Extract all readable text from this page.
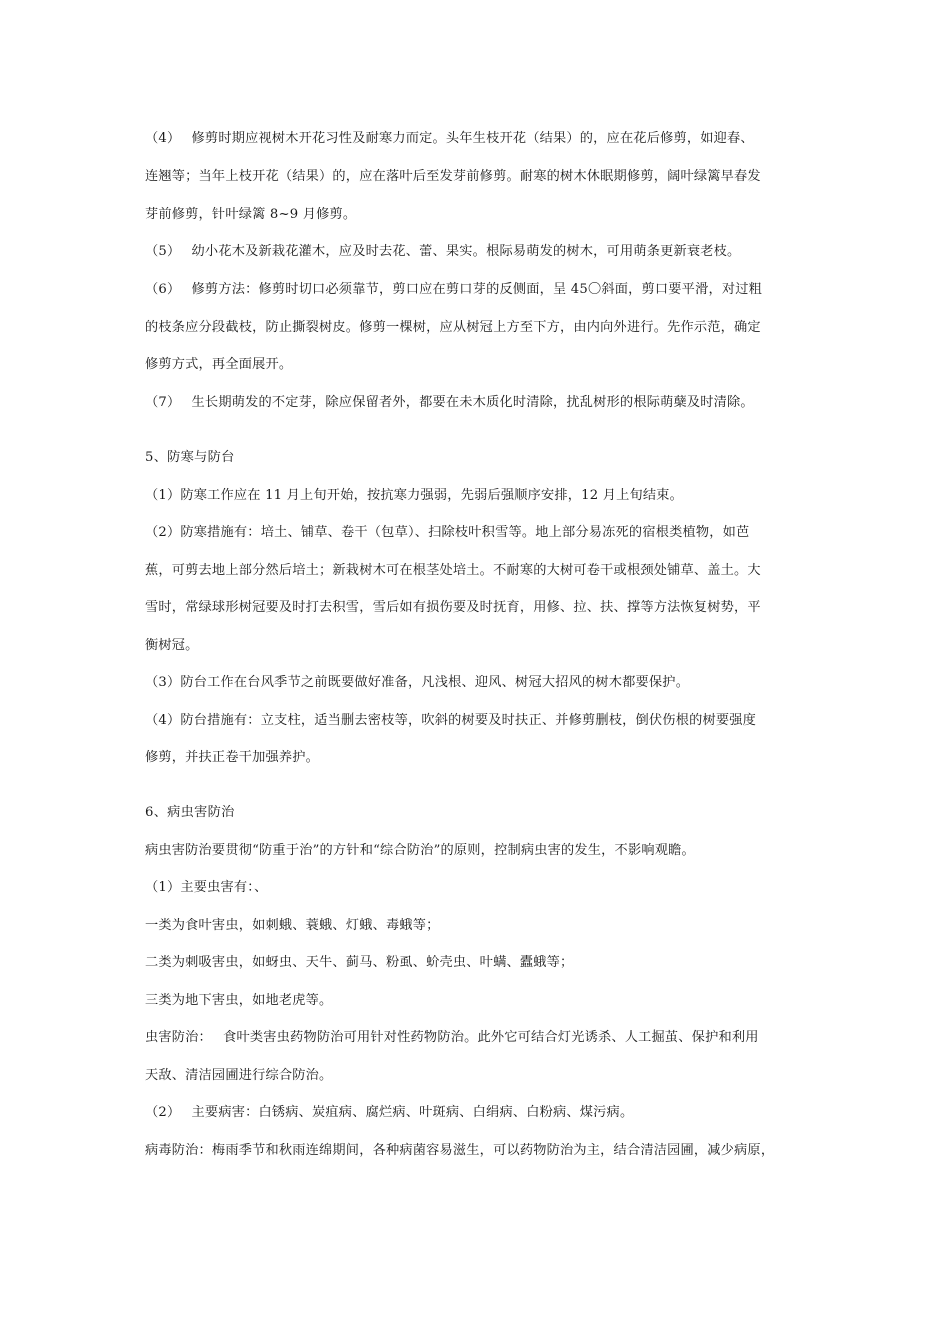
（4）　 修剪时期应视树木开花习性及耐寒力而定。头年生枝开花（结果）的，应在花后修剪，如迎春、
连翘等；当年上枝开花（结果）的，应在落叶后至发芽前修剪。耐寒的树木休眠期修剪，阔叶绿篱早春发
芽前修剪，针叶绿篱 8~9 月修剪。
（5）　 幼小花木及新栽花灌木，应及时去花、蕾、果实。根际易萌发的树木，可用萌条更新衰老枝。
（6）　 修剪方法：修剪时切口必须靠节，剪口应在剪口芽的反侧面，呈 45〇斜面，剪口要平滑，对过粗
的枝条应分段截枝，防止撕裂树皮。修剪一棵树，应从树冠上方至下方，由内向外进行。先作示范，确定
修剪方式，再全面展开。
（7）　 生长期萌发的不定芽，除应保留者外，都要在未木质化时清除，扰乱树形的根际萌蘖及时清除。
5、防寒与防台
（1）防寒工作应在 11 月上旬开始，按抗寒力强弱，先弱后强顺序安排，12 月上旬结束。
（2）防寒措施有：培土、铺草、卷干（包草）、扫除枝叶积雪等。地上部分易冻死的宿根类植物，如芭
蕉，可剪去地上部分然后培土；新栽树木可在根茎处培土。不耐寒的大树可卷干或根颈处铺草、盖土。大
雪时，常绿球形树冠要及时打去积雪，雪后如有损伤要及时抚育，用修、拉、扶、撑等方法恢复树势，平
衡树冠。
（3）防台工作在台风季节之前既要做好准备，凡浅根、迎风、树冠大招风的树木都要保护。
（4）防台措施有：立支柱，适当删去密枝等，吹斜的树要及时扶正、并修剪删枝，倒伏伤根的树要强度
修剪，并扶正卷干加强养护。
6、病虫害防治
病虫害防治要贯彻“防重于治”的方针和“综合防治”的原则，控制病虫害的发生，不影响观瞻。
（1）主要虫害有：、
一类为食叶害虫，如刺蛾、蓑蛾、灯蛾、毒蛾等；
二类为刺吸害虫，如蚜虫、天牛、蓟马、粉虱、蚧壳虫、叶螨、蠹蛾等；
三类为地下害虫，如地老虎等。
虫害防治：　 食叶类害虫药物防治可用针对性药物防治。此外它可结合灯光诱杀、人工掘茧、保护和利用
天敌、清洁园圃进行综合防治。
（2）　 主要病害：白锈病、炭疽病、腐烂病、叶斑病、白绢病、白粉病、煤污病。
病毒防治：梅雨季节和秋雨连绵期间，各种病菌容易滋生，可以药物防治为主，结合清洁园圃，减少病原，
